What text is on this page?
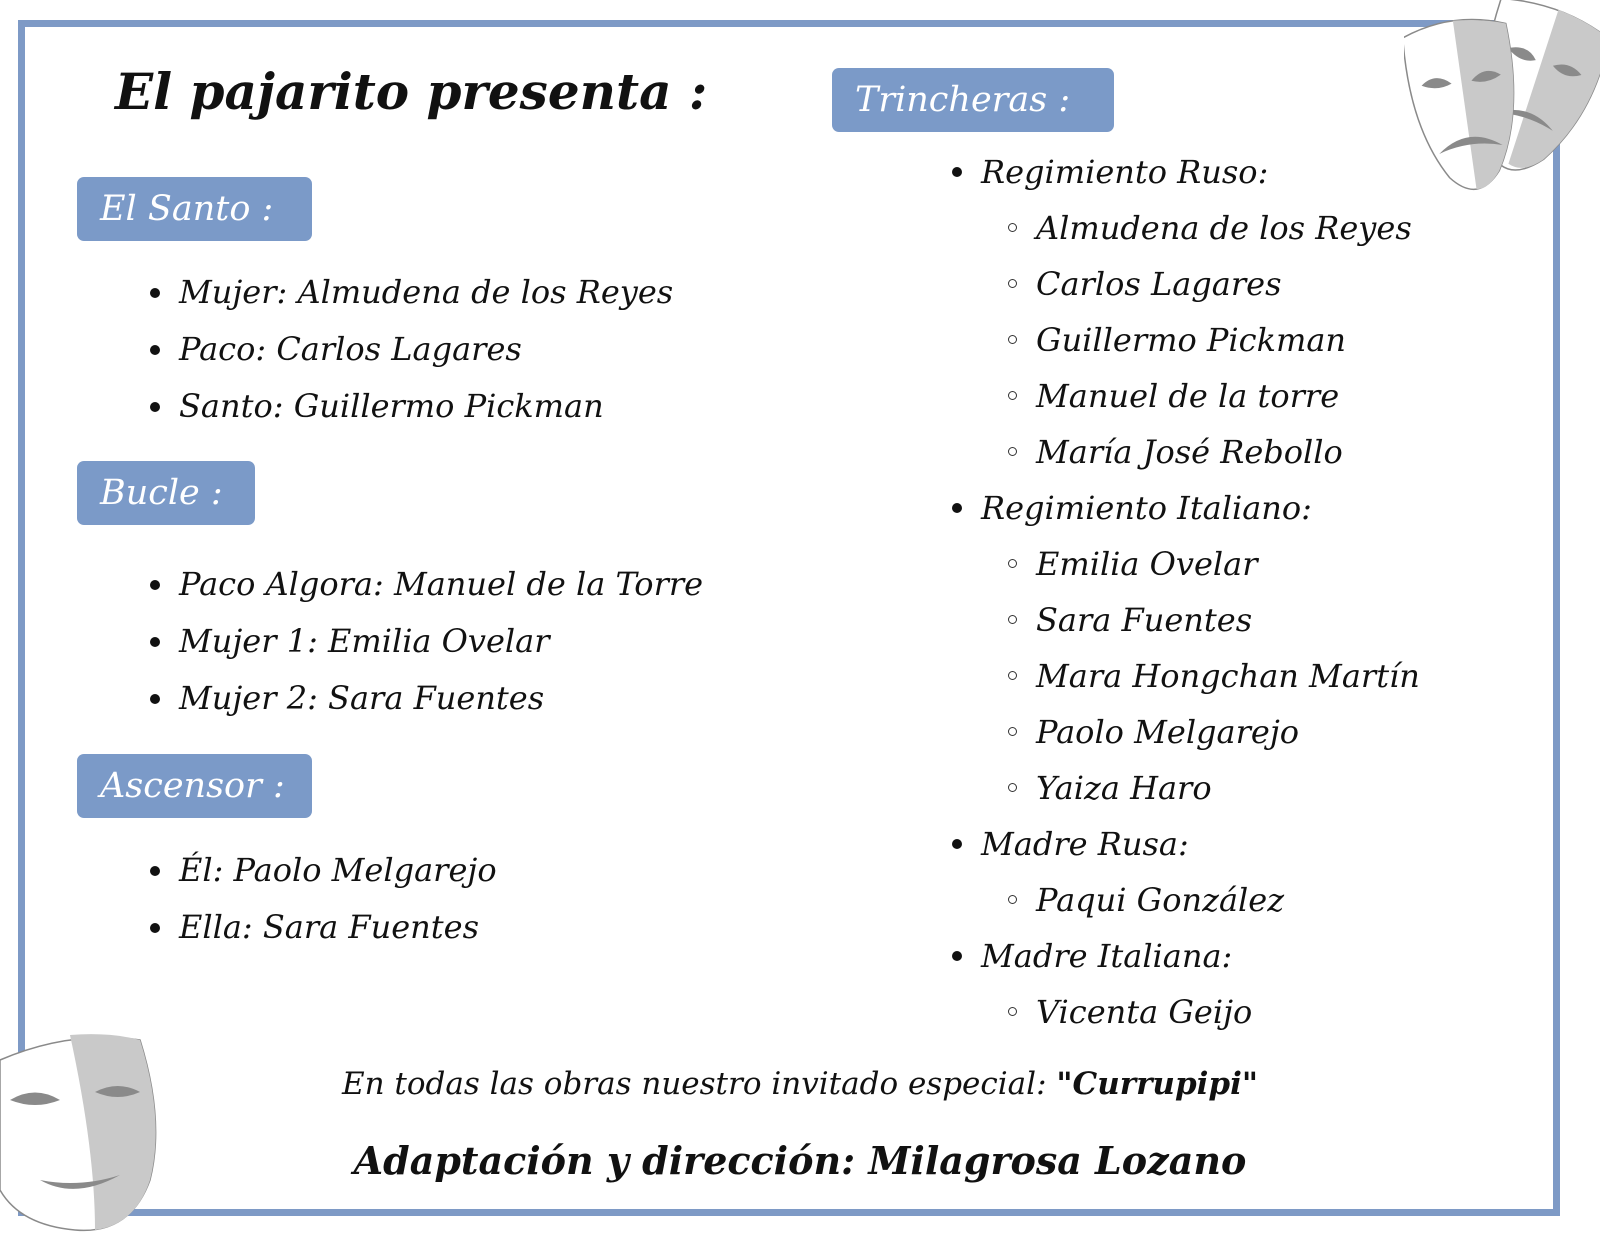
El pajarito presenta :
El Santo :
Mujer: Almudena de los Reyes
Paco: Carlos Lagares
Santo: Guillermo Pickman
Bucle :
Paco Algora: Manuel de la Torre
Mujer 1: Emilia Ovelar
Mujer 2: Sara Fuentes
Ascensor :
Él: Paolo Melgarejo
Ella: Sara Fuentes
Trincheras :
Regimiento Ruso:
Almudena de los Reyes
Carlos Lagares
Guillermo Pickman
Manuel de la torre
María José Rebollo
Regimiento Italiano:
Emilia Ovelar
Sara Fuentes
Mara Hongchan Martín
Paolo Melgarejo
Yaiza Haro
Madre Rusa:
Paqui González
Madre Italiana:
Vicenta Geijo
En todas las obras nuestro invitado especial: "Currupipi"
Adaptación y dirección: Milagrosa Lozano
